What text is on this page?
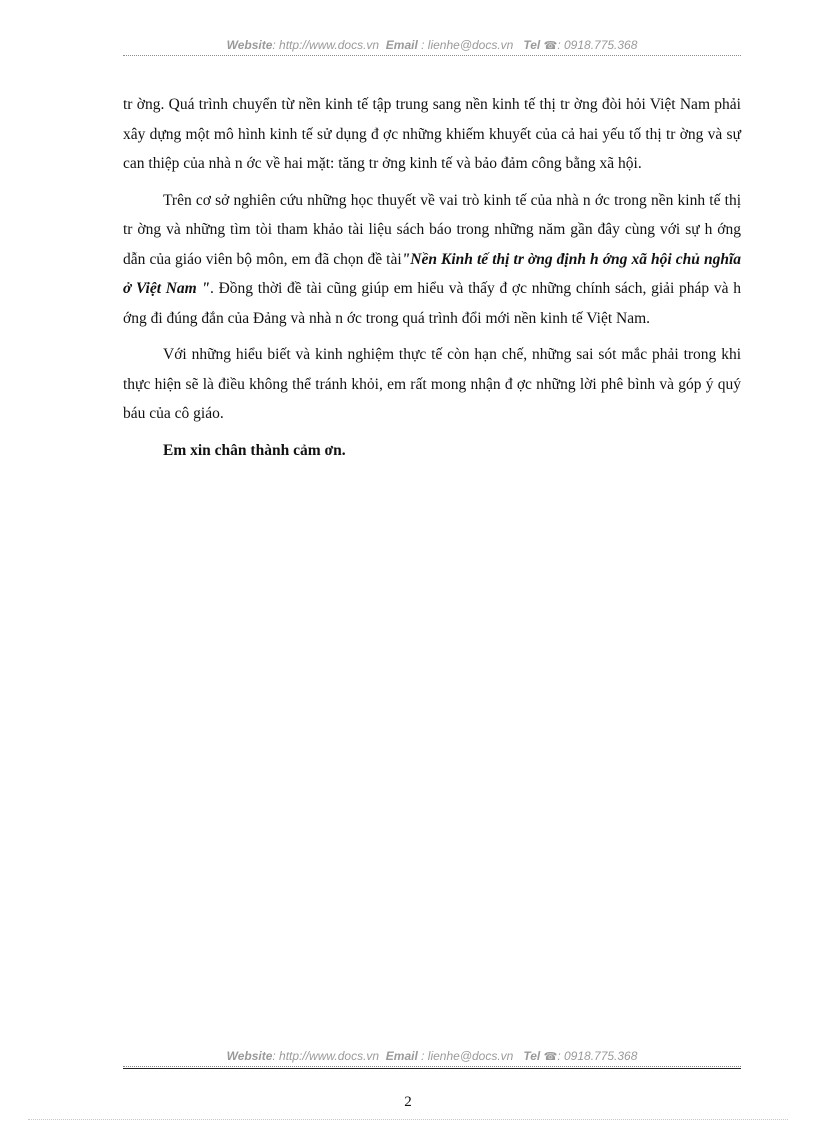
Website: http://www.docs.vn Email : lienhe@docs.vn Tel ☎: 0918.775.368

tr ờng. Quá trình chuyển từ nền kinh tế tập trung sang nền kinh tế thị tr ờng đòi hỏi Việt Nam phải xây dựng một mô hình kinh tế sử dụng đ ợc những khiếm khuyết của cả hai yếu tố thị tr ờng và sự can thiệp của nhà n ớc về hai mặt: tăng tr ởng kinh tế và bảo đảm công bằng xã hội.

Trên cơ sở nghiên cứu những học thuyết về vai trò kinh tế của nhà n ớc trong nền kinh tế thị tr ờng và những tìm tòi tham khảo tài liệu sách báo trong những năm gần đây cùng với sự h ớng dẫn của giáo viên bộ môn, em đã chọn đề tài"Nền Kinh tế thị tr ờng định h ớng xã hội chủ nghĩa ở Việt Nam ". Đồng thời đề tài cũng giúp em hiểu và thấy đ ợc những chính sách, giải pháp và h ớng đi đúng đắn của Đảng và nhà n ớc trong quá trình đổi mới nền kinh tế Việt Nam.

Với những hiểu biết và kinh nghiệm thực tế còn hạn chế, những sai sót mắc phải trong khi thực hiện sẽ là điều không thể tránh khỏi, em rất mong nhận đ ợc những lời phê bình và góp ý quý báu của cô giáo.

Em xin chân thành cảm ơn.

Website: http://www.docs.vn Email : lienhe@docs.vn Tel ☎: 0918.775.368
2
